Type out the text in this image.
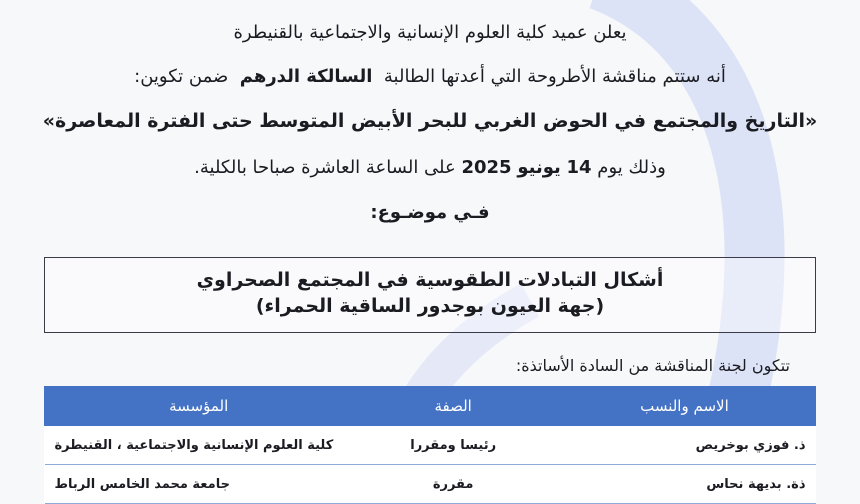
يعلن عميد كلية العلوم الإنسانية والاجتماعية بالقنيطرة
أنه ستتم مناقشة الأطروحة التي أعدتها الطالبة  السالكة الدرهم  ضمن تكوين:
«التاريخ والمجتمع في الحوض الغربي للبحر الأبيض المتوسط حتى الفترة المعاصرة»
وذلك يوم 14 يونيو 2025 على الساعة العاشرة صباحا بالكلية.
فـي موضـوع:
أشكال التبادلات الطقوسية في المجتمع الصحراوي
(جهة العيون بوجدور الساقية الحمراء)
تتكون لجنة المناقشة من السادة الأساتذة:
الاسم والنسب	الصفة	المؤسسة
ذ. فوزي بوخريص	رئيسا ومقررا	كلية العلوم الإنسانية والاجتماعية ، القنيطرة
ذة. بديهة نحاس	مقررة	جامعة محمد الخامس الرباط
